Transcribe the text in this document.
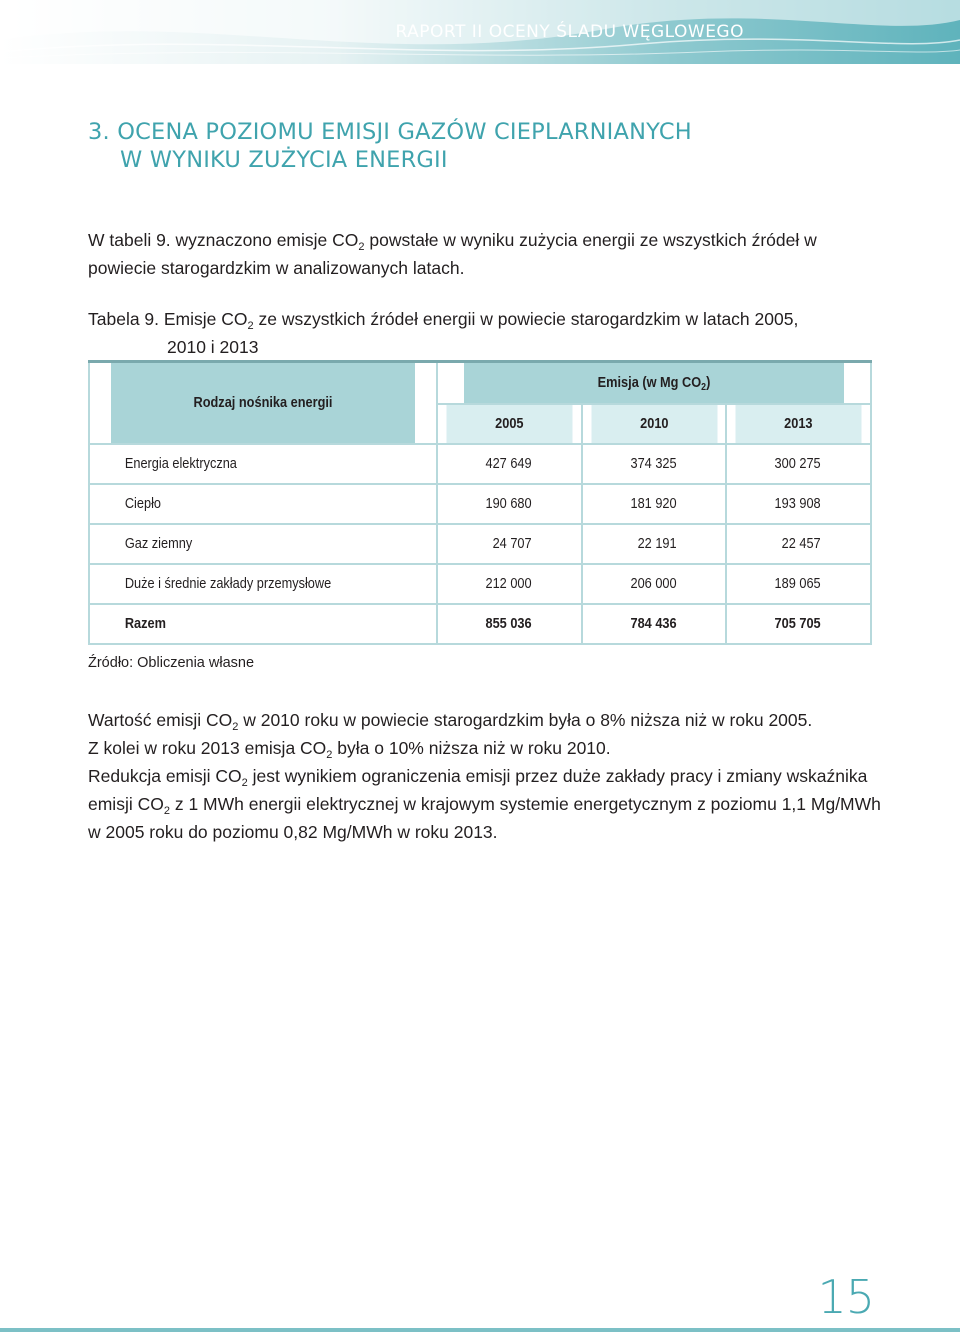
RAPORT II OCENY ŚLADU WĘGLOWEGO
3. OCENA POZIOMU EMISJI GAZÓW CIEPLARNIANYCH
W WYNIKU ZUŻYCIA ENERGII

W tabeli 9. wyznaczono emisje $CO_2$ powstałe w wyniku zużycia energii ze wszystkich źródeł w powiecie starogardzkim w analizowanych latach.

Tabela 9. Emisje $CO_2$ ze wszystkich źródeł energii w powiecie starogardzkim w latach 2005,
2010 i 2013
Rodzaj nośnika energii	Emisja (w Mg $CO_2$)		
	2005	2010	2013
Energia elektryczna	427 649	374 325	300 275
Ciepło	190 680	181 920	193 908
Gaz ziemny	24 707	22 191	22 457
Duże i średnie zakłady przemysłowe	212 000	206 000	189 065
Razem	855 036	784 436	705 705
Źródło: Obliczenia własne

Wartość emisji $CO_2$ w 2010 roku w powiecie starogardzkim była o 8% niższa niż w roku 2005.
Z kolei w roku 2013 emisja $CO_2$ była o 10% niższa niż w roku 2010.
Redukcja emisji $CO_2$ jest wynikiem ograniczenia emisji przez duże zakłady pracy i zmiany wskaźnika emisji $CO_2$ z 1 MWh energii elektrycznej w krajowym systemie energetycznym z poziomu 1,1 Mg/MWh w 2005 roku do poziomu 0,82 Mg/MWh w roku 2013.

15
